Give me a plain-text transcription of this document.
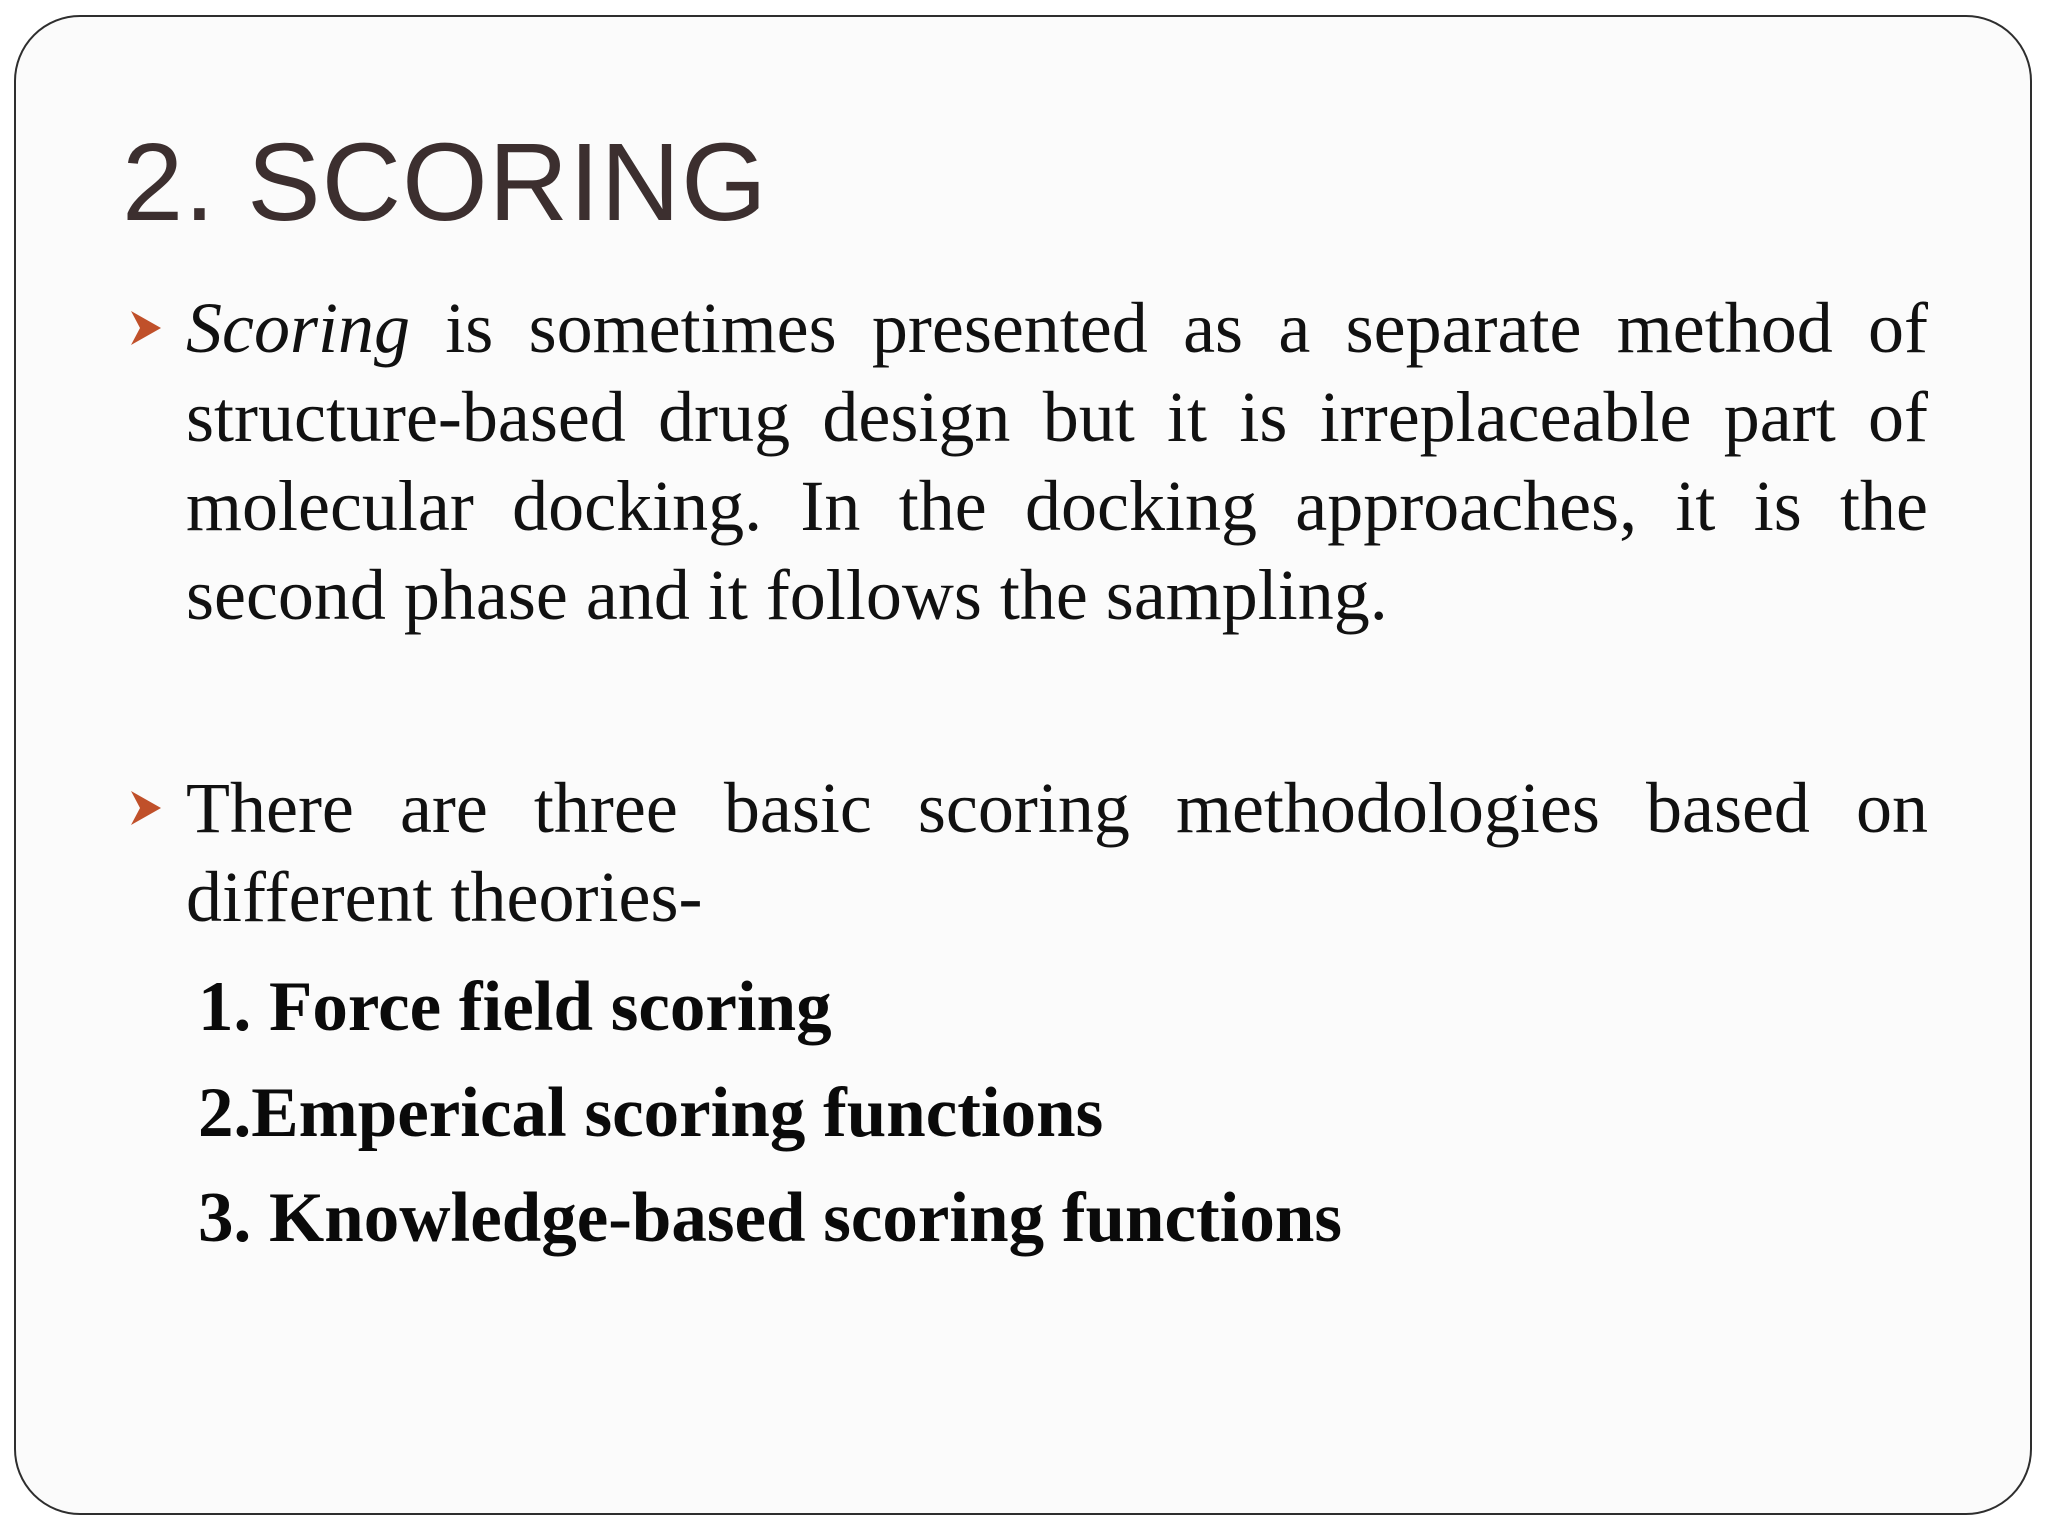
2. SCORING
Scoring is sometimes presented as a separate method of structure-based drug design but it is irreplaceable part of molecular docking. In the docking approaches, it is the second phase and it follows the sampling.
There are three basic scoring methodologies based on different theories-
1. Force field scoring
2.Emperical scoring functions
3. Knowledge-based scoring functions
